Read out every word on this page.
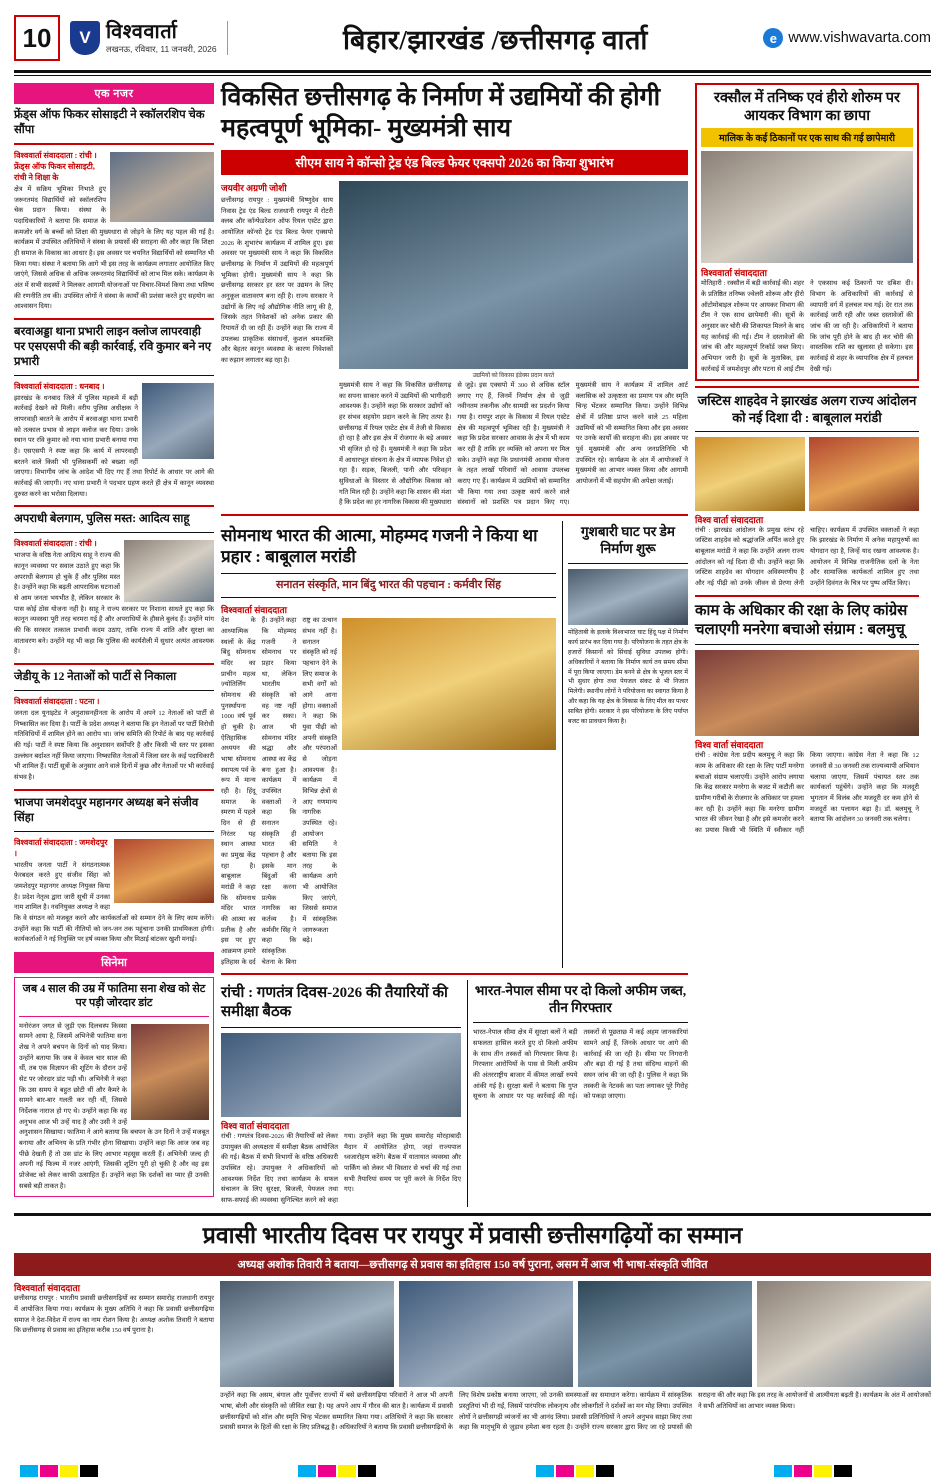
10	V विश्ववार्ता
लखनऊ, रविवार, 11 जनवरी, 2026	बिहार/झारखंड /छत्तीसगढ़ वार्ता	e www.vishwavarta.com
एक नजर
फ्रेंड्स ऑफ फिकर सोसाइटी ने स्कॉलरशिप चेक सौंपा
विश्ववार्ता संवाददाता : रांची । फ्रेंड्स ऑफ फिकर सोसाइटी, रांची ने शिक्षा के
क्षेत्र में सक्रिय भूमिका निभाते हुए जरूरतमंद विद्यार्थियों को स्कॉलरशिप चेक प्रदान किया। संस्था के पदाधिकारियों ने बताया कि समाज के कमजोर वर्ग के बच्चों को शिक्षा की मुख्यधारा से जोड़ने के लिए यह पहल की गई है। कार्यक्रम में उपस्थित अतिथियों ने संस्था के प्रयासों की सराहना की और कहा कि शिक्षा ही समाज के विकास का आधार है। इस अवसर पर चयनित विद्यार्थियों को सम्मानित भी किया गया। संस्था ने बताया कि आगे भी इस तरह के कार्यक्रम लगातार आयोजित किए जाएंगे, जिससे अधिक से अधिक जरूरतमंद विद्यार्थियों को लाभ मिल सके। कार्यक्रम के अंत में सभी सदस्यों ने मिलकर आगामी योजनाओं पर विचार-विमर्श किया तथा भविष्य की रणनीति तय की। उपस्थित लोगों ने संस्था के कार्यों की प्रशंसा करते हुए सहयोग का आश्वासन दिया।
बरवाअड्डा थाना प्रभारी लाइन क्लोज लापरवाही पर एसएसपी की बड़ी कार्रवाई, रवि कुमार बने नए प्रभारी
विश्ववार्ता संवाददाता : धनबाद ।
झारखंड के धनबाद जिले में पुलिस महकमे में बड़ी कार्रवाई देखने को मिली। वरीय पुलिस अधीक्षक ने लापरवाही बरतने के आरोप में बरवाअड्डा थाना प्रभारी को तत्काल प्रभाव से लाइन क्लोज कर दिया। उनके स्थान पर रवि कुमार को नया थाना प्रभारी बनाया गया है। एसएसपी ने स्पष्ट कहा कि कार्य में लापरवाही बरतने वाले किसी भी पुलिसकर्मी को बख्शा नहीं जाएगा। विभागीय जांच के आदेश भी दिए गए हैं तथा रिपोर्ट के आधार पर आगे की कार्रवाई की जाएगी। नए थाना प्रभारी ने पदभार ग्रहण करते ही क्षेत्र में कानून व्यवस्था दुरुस्त करने का भरोसा दिलाया।
अपराधी बेलगाम, पुलिस मस्त: आदित्य साहू
विश्ववार्ता संवाददाता : रांची ।
भाजपा के वरिष्ठ नेता आदित्य साहू ने राज्य की कानून व्यवस्था पर सवाल उठाते हुए कहा कि अपराधी बेलगाम हो चुके हैं और पुलिस मस्त है। उन्होंने कहा कि बढ़ती आपराधिक घटनाओं से आम जनता भयभीत है, लेकिन सरकार के पास कोई ठोस योजना नहीं है। साहू ने राज्य सरकार पर निशाना साधते हुए कहा कि कानून व्यवस्था पूरी तरह चरमरा गई है और अपराधियों के हौसले बुलंद हैं। उन्होंने मांग की कि सरकार तत्काल प्रभावी कदम उठाए, ताकि राज्य में शांति और सुरक्षा का वातावरण बने। उन्होंने यह भी कहा कि पुलिस की कार्यशैली में सुधार अत्यंत आवश्यक है।
जेडीयू के 12 नेताओं को पार्टी से निकाला
विश्ववार्ता संवाददाता : पटना ।
जनता दल यूनाइटेड ने अनुशासनहीनता के आरोप में अपने 12 नेताओं को पार्टी से निष्कासित कर दिया है। पार्टी के प्रदेश अध्यक्ष ने बताया कि इन नेताओं पर पार्टी विरोधी गतिविधियों में शामिल होने का आरोप था। जांच समिति की रिपोर्ट के बाद यह कार्रवाई की गई। पार्टी ने स्पष्ट किया कि अनुशासन सर्वोपरि है और किसी भी स्तर पर इसका उल्लंघन बर्दाश्त नहीं किया जाएगा। निष्कासित नेताओं में जिला स्तर के कई पदाधिकारी भी शामिल हैं। पार्टी सूत्रों के अनुसार आने वाले दिनों में कुछ और नेताओं पर भी कार्रवाई संभव है।
भाजपा जमशेदपुर महानगर अध्यक्ष बने संजीव सिंहा
विश्ववार्ता संवाददाता : जमशेदपुर ।
भारतीय जनता पार्टी ने संगठनात्मक फेरबदल करते हुए संजीव सिंहा को जमशेदपुर महानगर अध्यक्ष नियुक्त किया है। प्रदेश नेतृत्व द्वारा जारी सूची में उनका नाम शामिल है। नवनियुक्त अध्यक्ष ने कहा कि वे संगठन को मजबूत करने और कार्यकर्ताओं को सम्मान देने के लिए काम करेंगे। उन्होंने कहा कि पार्टी की नीतियों को जन-जन तक पहुंचाना उनकी प्राथमिकता होगी। कार्यकर्ताओं ने नई नियुक्ति पर हर्ष व्यक्त किया और मिठाई बांटकर खुशी मनाई।
सिनेमा
जब 4 साल की उम्र में फातिमा सना शेख को सेट पर पड़ी जोरदार डांट
मनोरंजन जगत से जुड़ी एक दिलचस्प किस्सा सामने आया है, जिसमें अभिनेत्री फातिमा सना शेख ने अपने बचपन के दिनों को याद किया। उन्होंने बताया कि जब वे केवल चार साल की थीं, तब एक विज्ञापन की शूटिंग के दौरान उन्हें सेट पर जोरदार डांट पड़ी थी। अभिनेत्री ने कहा कि उस समय वे बहुत छोटी थीं और कैमरे के सामने बार-बार गलती कर रही थीं, जिससे निर्देशक नाराज हो गए थे। उन्होंने कहा कि वह अनुभव आज भी उन्हें याद है और उसी ने उन्हें अनुशासन सिखाया। फातिमा ने आगे बताया कि बचपन के उन दिनों ने उन्हें मजबूत बनाया और अभिनय के प्रति गंभीर होना सिखाया। उन्होंने कहा कि आज जब वह पीछे देखती हैं तो उस डांट के लिए आभार महसूस करती हैं। अभिनेत्री जल्द ही अपनी नई फिल्म में नजर आएंगी, जिसकी शूटिंग पूरी हो चुकी है और वह इस प्रोजेक्ट को लेकर काफी उत्साहित हैं। उन्होंने कहा कि दर्शकों का प्यार ही उनकी सबसे बड़ी ताकत है।
विकसित छत्तीसगढ़ के निर्माण में उद्यमियों की होगी महत्वपूर्ण भूमिका- मुख्यमंत्री साय
सीएम साय ने कॉन्सो ट्रेड एंड बिल्ड फेयर एक्सपो 2026 का किया शुभारंभ
जयवीर अग्रणी जोशी
छत्तीसगढ़ रायपुर : मुख्यमंत्री विष्णुदेव साय निवास ट्रेड एंड बिल्ड राजधानी रायपुर में रोटरी क्लब और कॉन्फेडरेशन ऑफ रियल एस्टेट द्वारा आयोजित कॉन्सो ट्रेड एंड बिल्ड फेयर एक्सपो 2026 के शुभारंभ कार्यक्रम में शामिल हुए। इस अवसर पर मुख्यमंत्री साय ने कहा कि विकसित छत्तीसगढ़ के निर्माण में उद्यमियों की महत्वपूर्ण भूमिका होगी। मुख्यमंत्री साय ने कहा कि छत्तीसगढ़ सरकार हर स्तर पर उद्यमन के लिए अनुकूल वातावरण बना रही है। राज्य सरकार ने उद्योगों के लिए नई औद्योगिक नीति लागू की है, जिसके तहत निवेशकों को अनेक प्रकार की रियायतें दी जा रही हैं। उन्होंने कहा कि राज्य में उपलब्ध प्राकृतिक संसाधनों, कुशल श्रमशक्ति और बेहतर कानून व्यवस्था के कारण निवेशकों का रुझान लगातार बढ़ रहा है।
उद्यमियों को विकास इंडेक्स प्रदान करते
मुख्यमंत्री साय ने कहा कि विकसित छत्तीसगढ़ का सपना साकार करने में उद्यमियों की भागीदारी आवश्यक है। उन्होंने कहा कि सरकार उद्योगों को हर संभव सहयोग प्रदान करने के लिए तत्पर है। छत्तीसगढ़ में रियल एस्टेट क्षेत्र में तेजी से विकास हो रहा है और इस क्षेत्र में रोजगार के बड़े अवसर भी सृजित हो रहे हैं। मुख्यमंत्री ने कहा कि प्रदेश में आधारभूत संरचना के क्षेत्र में व्यापक निवेश हो रहा है। सड़क, बिजली, पानी और परिवहन सुविधाओं के विस्तार से औद्योगिक विकास को गति मिल रही है। उन्होंने कहा कि शासन की मंशा है कि प्रदेश का हर नागरिक विकास की मुख्यधारा से जुड़े। इस एक्सपो में 300 से अधिक स्टॉल लगाए गए हैं, जिनमें निर्माण क्षेत्र से जुड़ी नवीनतम तकनीक और सामग्री का प्रदर्शन किया गया है। रायपुर शहर के विकास में रियल एस्टेट क्षेत्र की महत्वपूर्ण भूमिका रही है। मुख्यमंत्री ने कहा कि प्रदेश सरकार आवास के क्षेत्र में भी काम कर रही है ताकि हर व्यक्ति को अपना घर मिल सके। उन्होंने कहा कि प्रधानमंत्री आवास योजना के तहत लाखों परिवारों को आवास उपलब्ध कराए गए हैं। कार्यक्रम में उद्यमियों को सम्मानित भी किया गया तथा उत्कृष्ट कार्य करने वाले संस्थानों को प्रशस्ति पत्र प्रदान किए गए। मुख्यमंत्री साय ने कार्यक्रम में शामिल आर्ट क्लासिक को उत्कृष्टता का प्रमाण पत्र और स्मृति चिन्ह भेंटकर सम्मानित किया। उन्होंने विभिन्न क्षेत्रों में प्रतिष्ठा प्राप्त करने वाले 25 महिला उद्यमियों को भी सम्मानित किया और इस अवसर पर उनके कार्यों की सराहना की। इस अवसर पर पूर्व मुख्यमंत्री और अन्य जनप्रतिनिधि भी उपस्थित रहे। कार्यक्रम के अंत में आयोजकों ने मुख्यमंत्री का आभार व्यक्त किया और आगामी आयोजनों में भी सहयोग की अपेक्षा जताई।
सोमनाथ भारत की आत्मा, मोहम्मद गजनी ने किया था प्रहार : बाबूलाल मरांडी
सनातन संस्कृति, मान बिंदु भारत की पहचान : कर्मवीर सिंह
विश्ववार्ता संवाददाता
देश के आध्यात्मिक स्थलों के केंद्र बिंदु सोमनाथ मंदिर का प्राचीन महत्व ज्योतिर्लिंग सोमनाथ की पुनर्स्थापना 1000 वर्ष पूर्व हो चुकी है। ऐतिहासिक अध्ययन की भाषा सोमनाथ स्थापत्य पर्व के रूप में मान्य रही है। हिंदू समाज के स्मरण में पहले दिन से ही निरंतर यह स्थान आस्था का प्रमुख केंद्र रहा है। बाबूलाल मरांडी ने कहा कि सोमनाथ मंदिर भारत की आत्मा का प्रतीक है और इस पर हुए आक्रमण हमारे इतिहास के दर्द हैं। उन्होंने कहा कि मोहम्मद गजनी ने सोमनाथ पर प्रहार किया था, लेकिन भारतीय संस्कृति को वह नष्ट नहीं कर सका। आज भी सोमनाथ मंदिर श्रद्धा और आस्था का केंद्र बना हुआ है। कार्यक्रम में उपस्थित वक्ताओं ने कहा कि सनातन संस्कृति ही भारत की पहचान है और इसके मान बिंदुओं की रक्षा करना प्रत्येक नागरिक का कर्तव्य है। कर्मवीर सिंह ने कहा कि सांस्कृतिक चेतना के बिना राष्ट्र का उत्थान संभव नहीं है। सनातन संस्कृति को नई पहचान देने के लिए समाज के सभी वर्गों को आगे आना होगा। वक्ताओं ने कहा कि युवा पीढ़ी को अपनी संस्कृति और परंपराओं से जोड़ना आवश्यक है। कार्यक्रम में विभिन्न क्षेत्रों से आए गणमान्य नागरिक उपस्थित रहे। आयोजन समिति ने बताया कि इस तरह के कार्यक्रम आगे भी आयोजित किए जाएंगे, जिससे समाज में सांस्कृतिक जागरूकता बढ़े।
गुशबारी घाट पर डेम निर्माण शुरू
मोहिताबी के इलाके विश्वभारत घाट हिंदू पक्ष में निर्माण कार्य प्रारंभ कर दिया गया है। परियोजना के तहत क्षेत्र के हजारों किसानों को सिंचाई सुविधा उपलब्ध होगी। अधिकारियों ने बताया कि निर्माण कार्य तय समय सीमा में पूरा किया जाएगा। डेम बनने से क्षेत्र के भूजल स्तर में भी सुधार होगा तथा पेयजल संकट से भी निजात मिलेगी। स्थानीय लोगों ने परियोजना का स्वागत किया है और कहा कि यह क्षेत्र के विकास के लिए मील का पत्थर साबित होगी। सरकार ने इस परियोजना के लिए पर्याप्त बजट का प्रावधान किया है।
रांची : गणतंत्र दिवस-2026 की तैयारियों की समीक्षा बैठक
विश्व वार्ता संवाददाता
रांची : गणतंत्र दिवस-2026 की तैयारियों को लेकर उपायुक्त की अध्यक्षता में समीक्षा बैठक आयोजित की गई। बैठक में सभी विभागों के वरिष्ठ अधिकारी उपस्थित रहे। उपायुक्त ने अधिकारियों को आवश्यक निर्देश दिए तथा कार्यक्रम के सफल संचालन के लिए सुरक्षा, बिजली, पेयजल तथा साफ-सफाई की व्यवस्था सुनिश्चित करने को कहा गया। उन्होंने कहा कि मुख्य समारोह मोरहाबादी मैदान में आयोजित होगा, जहां राज्यपाल ध्वजारोहण करेंगे। बैठक में यातायात व्यवस्था और पार्किंग को लेकर भी विस्तार से चर्चा की गई तथा सभी तैयारियां समय पर पूरी करने के निर्देश दिए गए।
भारत-नेपाल सीमा पर दो किलो अफीम जब्त, तीन गिरफ्तार
भारत-नेपाल सीमा क्षेत्र में सुरक्षा बलों ने बड़ी सफलता हासिल करते हुए दो किलो अफीम के साथ तीन तस्करों को गिरफ्तार किया है। गिरफ्तार आरोपियों के पास से मिली अफीम की अंतरराष्ट्रीय बाजार में कीमत लाखों रुपये आंकी गई है। सुरक्षा बलों ने बताया कि गुप्त सूचना के आधार पर यह कार्रवाई की गई। तस्करों से पूछताछ में कई अहम जानकारियां सामने आई हैं, जिनके आधार पर आगे की कार्रवाई की जा रही है। सीमा पर निगरानी और बढ़ा दी गई है तथा संदिग्ध वाहनों की सघन जांच की जा रही है। पुलिस ने कहा कि तस्करी के नेटवर्क का पता लगाकर पूरे गिरोह को पकड़ा जाएगा।
रक्सौल में तनिष्क एवं हीरो शोरुम पर आयकर विभाग का छापा
मालिक के कई ठिकानों पर एक साथ की गई छापेमारी
विश्ववार्ता संवाददाता
मोतिहारी : रक्सौल में बड़ी कार्रवाई की। शहर के प्रतिष्ठित तनिष्क ज्वेलरी शोरूम और हीरो ऑटोमोबाइल शोरूम पर आयकर विभाग की टीम ने एक साथ छापेमारी की। सूत्रों के अनुसार कर चोरी की शिकायत मिलने के बाद यह कार्रवाई की गई। टीम ने दस्तावेजों की जांच की और महत्वपूर्ण रिकॉर्ड जब्त किए। अभियान जारी है। सूत्रों के मुताबिक, इस कार्रवाई में जमशेदपुर और पटना से आई टीम ने एकसाथ कई ठिकानों पर दबिश दी। विभाग के अधिकारियों की कार्रवाई से व्यापारी वर्ग में हलचल मच गई। देर रात तक कार्रवाई जारी रही और जब्त दस्तावेजों की जांच की जा रही है। अधिकारियों ने बताया कि जांच पूरी होने के बाद ही कर चोरी की वास्तविक राशि का खुलासा हो सकेगा। इस कार्रवाई से शहर के व्यापारिक क्षेत्र में हलचल देखी गई।
जस्टिस शाहदेव ने झारखंड अलग राज्य आंदोलन को नई दिशा दी : बाबूलाल मरांडी
विश्व वार्ता संवाददाता
रांची : झारखंड आंदोलन के प्रमुख स्तंभ रहे जस्टिस शाहदेव को श्रद्धांजलि अर्पित करते हुए बाबूलाल मरांडी ने कहा कि उन्होंने अलग राज्य आंदोलन को नई दिशा दी थी। उन्होंने कहा कि जस्टिस शाहदेव का योगदान अविस्मरणीय है और नई पीढ़ी को उनके जीवन से प्रेरणा लेनी चाहिए। कार्यक्रम में उपस्थित वक्ताओं ने कहा कि झारखंड के निर्माण में अनेक महापुरुषों का योगदान रहा है, जिन्हें याद रखना आवश्यक है। आयोजन में विभिन्न राजनीतिक दलों के नेता और सामाजिक कार्यकर्ता शामिल हुए तथा उन्होंने दिवंगत के चित्र पर पुष्प अर्पित किए।
काम के अधिकार की रक्षा के लिए कांग्रेस चलाएगी मनरेगा बचाओ संग्राम : बलमुचू
विश्व वार्ता संवाददाता
रांची : कांग्रेस नेता प्रदीप बलमुचू ने कहा कि काम के अधिकार की रक्षा के लिए पार्टी मनरेगा बचाओ संग्राम चलाएगी। उन्होंने आरोप लगाया कि केंद्र सरकार मनरेगा के बजट में कटौती कर ग्रामीण गरीबों के रोजगार के अधिकार पर हमला कर रही है। उन्होंने कहा कि मनरेगा ग्रामीण भारत की जीवन रेखा है और इसे कमजोर करने का प्रयास किसी भी स्थिति में स्वीकार नहीं किया जाएगा। कांग्रेस नेता ने कहा कि 12 जनवरी से 30 जनवरी तक राज्यव्यापी अभियान चलाया जाएगा, जिसमें पंचायत स्तर तक कार्यकर्ता पहुंचेंगे। उन्होंने कहा कि मजदूरी भुगतान में विलंब और मजदूरी दर कम होने से मजदूरों का पलायन बढ़ा है। डॉ. बलमुचू ने बताया कि आंदोलन 30 जनवरी तक चलेगा।
प्रवासी भारतीय दिवस पर रायपुर में प्रवासी छत्तीसगढ़ियों का सम्मान
अध्यक्ष अशोक तिवारी ने बताया—छत्तीसगढ़ से प्रवास का इतिहास 150 वर्ष पुराना, असम में आज भी भाषा-संस्कृति जीवित
विश्ववार्ता संवाददाता
छत्तीसगढ़ रायपुर : भारतीय प्रवासी छत्तीसगढ़ियों का सम्मान समारोह राजधानी रायपुर में आयोजित किया गया। कार्यक्रम के मुख्य अतिथि ने कहा कि प्रवासी छत्तीसगढ़िया समाज ने देश-विदेश में राज्य का नाम रोशन किया है। अध्यक्ष अशोक तिवारी ने बताया कि छत्तीसगढ़ से प्रवास का इतिहास करीब 150 वर्ष पुराना है।
उन्होंने कहा कि असम, बंगाल और पूर्वोत्तर राज्यों में बसे छत्तीसगढ़िया परिवारों ने आज भी अपनी भाषा, बोली और संस्कृति को जीवित रखा है। यह अपने आप में गौरव की बात है। कार्यक्रम में प्रवासी छत्तीसगढ़ियों को शॉल और स्मृति चिन्ह भेंटकर सम्मानित किया गया। अतिथियों ने कहा कि सरकार प्रवासी समाज के हितों की रक्षा के लिए प्रतिबद्ध है। अधिकारियों ने बताया कि प्रवासी छत्तीसगढ़ियों के लिए विशेष प्रकोष्ठ बनाया जाएगा, जो उनकी समस्याओं का समाधान करेगा। कार्यक्रम में सांस्कृतिक प्रस्तुतियां भी दी गईं, जिसमें पारंपरिक लोकनृत्य और लोकगीतों ने दर्शकों का मन मोह लिया। उपस्थित लोगों ने छत्तीसगढ़ी व्यंजनों का भी आनंद लिया। प्रवासी प्रतिनिधियों ने अपने अनुभव साझा किए तथा कहा कि मातृभूमि से जुड़ाव हमेशा बना रहता है। उन्होंने राज्य सरकार द्वारा किए जा रहे प्रयासों की सराहना की और कहा कि इस तरह के आयोजनों से आत्मीयता बढ़ती है। कार्यक्रम के अंत में आयोजकों ने सभी अतिथियों का आभार व्यक्त किया।
